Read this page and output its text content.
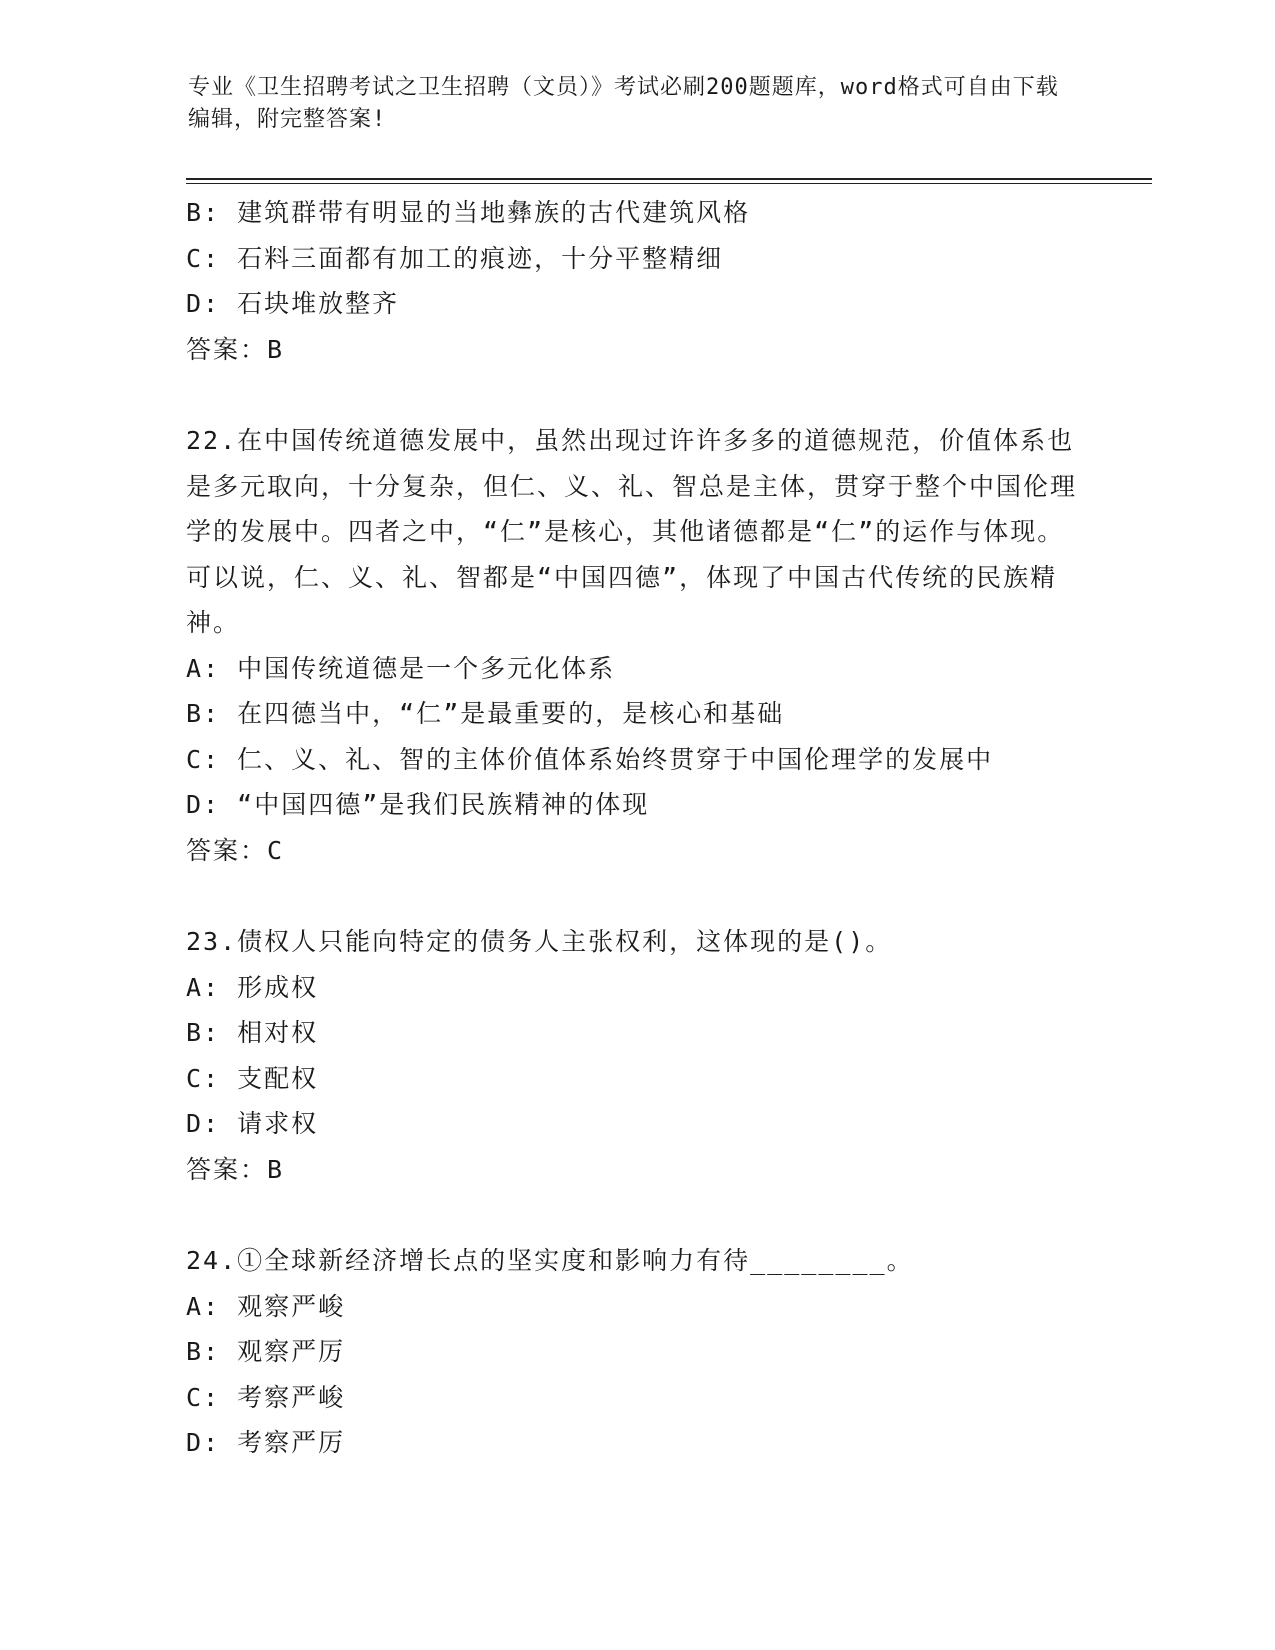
专业《卫生招聘考试之卫生招聘（文员）》考试必刷200题题库，word格式可自由下载编辑，附完整答案!
B: 建筑群带有明显的当地彝族的古代建筑风格
C: 石料三面都有加工的痕迹，十分平整精细
D: 石块堆放整齐
答案：B
22.在中国传统道德发展中，虽然出现过许许多多的道德规范，价值体系也是多元取向，十分复杂，但仁、义、礼、智总是主体，贯穿于整个中国伦理学的发展中。四者之中，“仁”是核心，其他诸德都是“仁”的运作与体现。可以说，仁、义、礼、智都是“中国四德”，体现了中国古代传统的民族精神。
A: 中国传统道德是一个多元化体系
B: 在四德当中，“仁”是最重要的，是核心和基础
C: 仁、义、礼、智的主体价值体系始终贯穿于中国伦理学的发展中
D: “中国四德”是我们民族精神的体现
答案：C
23.债权人只能向特定的债务人主张权利，这体现的是()。
A: 形成权
B: 相对权
C: 支配权
D: 请求权
答案：B
24.①全球新经济增长点的坚实度和影响力有待________。
A: 观察严峻
B: 观察严厉
C: 考察严峻
D: 考察严厉
